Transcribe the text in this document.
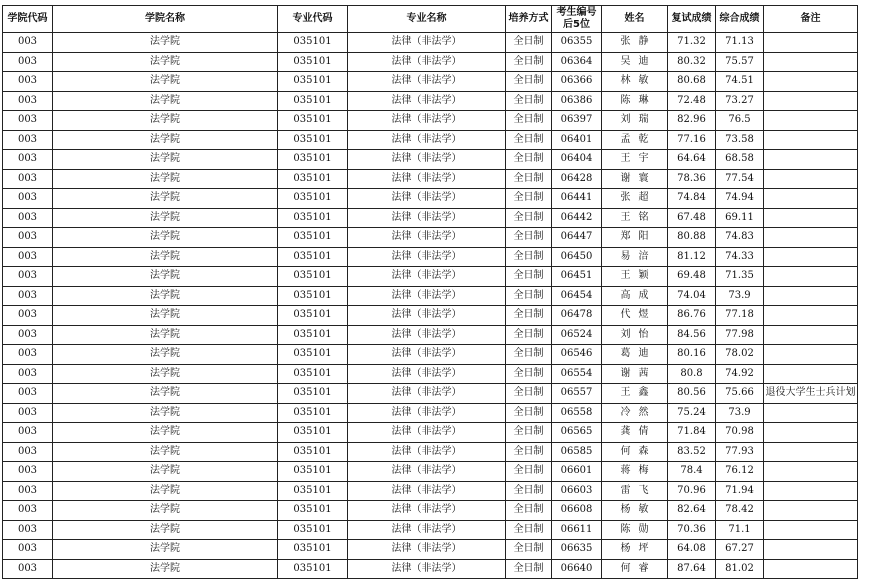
学院代码	学院名称	专业代码	专业名称	培养方式	考生编号后5位	姓名	复试成绩	综合成绩	备注
003	法学院	035101	法律（非法学）	全日制	06355	张 静	71.32	71.13	
003	法学院	035101	法律（非法学）	全日制	06364	吴 迪	80.32	75.57	
003	法学院	035101	法律（非法学）	全日制	06366	林 敏	80.68	74.51	
003	法学院	035101	法律（非法学）	全日制	06386	陈 琳	72.48	73.27	
003	法学院	035101	法律（非法学）	全日制	06397	刘 瑞	82.96	76.5	
003	法学院	035101	法律（非法学）	全日制	06401	孟 乾	77.16	73.58	
003	法学院	035101	法律（非法学）	全日制	06404	王 宇	64.64	68.58	
003	法学院	035101	法律（非法学）	全日制	06428	谢 寰	78.36	77.54	
003	法学院	035101	法律（非法学）	全日制	06441	张 超	74.84	74.94	
003	法学院	035101	法律（非法学）	全日制	06442	王 铭	67.48	69.11	
003	法学院	035101	法律（非法学）	全日制	06447	郑 阳	80.88	74.83	
003	法学院	035101	法律（非法学）	全日制	06450	易 涪	81.12	74.33	
003	法学院	035101	法律（非法学）	全日制	06451	王 颖	69.48	71.35	
003	法学院	035101	法律（非法学）	全日制	06454	高 成	74.04	73.9	
003	法学院	035101	法律（非法学）	全日制	06478	代 煜	86.76	77.18	
003	法学院	035101	法律（非法学）	全日制	06524	刘 怡	84.56	77.98	
003	法学院	035101	法律（非法学）	全日制	06546	葛 迪	80.16	78.02	
003	法学院	035101	法律（非法学）	全日制	06554	谢 茜	80.8	74.92	
003	法学院	035101	法律（非法学）	全日制	06557	王 鑫	80.56	75.66	退役大学生士兵计划
003	法学院	035101	法律（非法学）	全日制	06558	冷 然	75.24	73.9	
003	法学院	035101	法律（非法学）	全日制	06565	龚 倩	71.84	70.98	
003	法学院	035101	法律（非法学）	全日制	06585	何 森	83.52	77.93	
003	法学院	035101	法律（非法学）	全日制	06601	蒋 梅	78.4	76.12	
003	法学院	035101	法律（非法学）	全日制	06603	雷 飞	70.96	71.94	
003	法学院	035101	法律（非法学）	全日制	06608	杨 敏	82.64	78.42	
003	法学院	035101	法律（非法学）	全日制	06611	陈 勋	70.36	71.1	
003	法学院	035101	法律（非法学）	全日制	06635	杨 坪	64.08	67.27	
003	法学院	035101	法律（非法学）	全日制	06640	何 睿	87.64	81.02	
